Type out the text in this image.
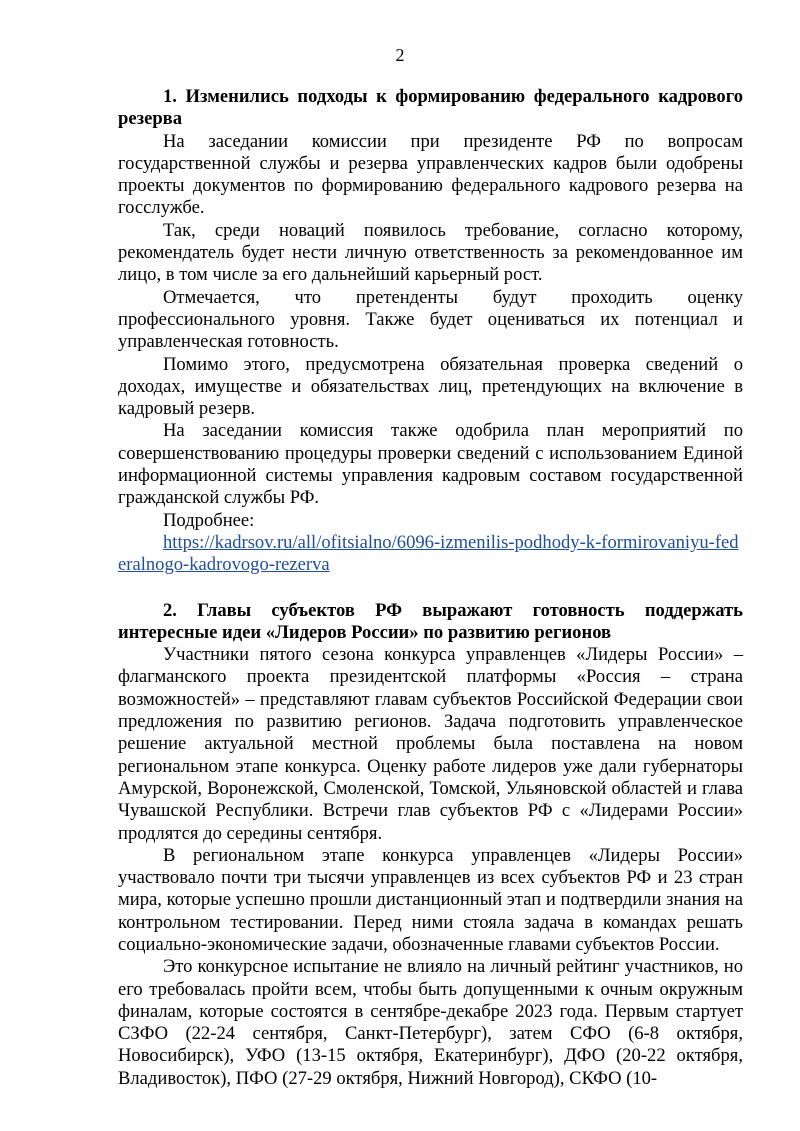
2

1. Изменились подходы к формированию федерального кадрового резерва

На заседании комиссии при президенте РФ по вопросам государственной службы и резерва управленческих кадров были одобрены проекты документов по формированию федерального кадрового резерва на госслужбе.

Так, среди новаций появилось требование, согласно которому, рекомендатель будет нести личную ответственность за рекомендованное им лицо, в том числе за его дальнейший карьерный рост.

Отмечается, что претенденты будут проходить оценку профессионального уровня. Также будет оцениваться их потенциал и управленческая готовность.

Помимо этого, предусмотрена обязательная проверка сведений о доходах, имуществе и обязательствах лиц, претендующих на включение в кадровый резерв.

На заседании комиссия также одобрила план мероприятий по совершенствованию процедуры проверки сведений с использованием Единой информационной системы управления кадровым составом государственной гражданской службы РФ.

Подробнее:

https://kadrsov.ru/all/ofitsialno/6096-izmenilis-podhody-k-formirovaniyu-federalnogo-kadrovogo-rezerva

2. Главы субъектов РФ выражают готовность поддержать интересные идеи «Лидеров России» по развитию регионов

Участники пятого сезона конкурса управленцев «Лидеры России» – флагманского проекта президентской платформы «Россия – страна возможностей» – представляют главам субъектов Российской Федерации свои предложения по развитию регионов. Задача подготовить управленческое решение актуальной местной проблемы была поставлена на новом региональном этапе конкурса. Оценку работе лидеров уже дали губернаторы Амурской, Воронежской, Смоленской, Томской, Ульяновской областей и глава Чувашской Республики. Встречи глав субъектов РФ с «Лидерами России» продлятся до середины сентября.

В региональном этапе конкурса управленцев «Лидеры России» участвовало почти три тысячи управленцев из всех субъектов РФ и 23 стран мира, которые успешно прошли дистанционный этап и подтвердили знания на контрольном тестировании. Перед ними стояла задача в командах решать социально-экономические задачи, обозначенные главами субъектов России.

Это конкурсное испытание не влияло на личный рейтинг участников, но его требовалась пройти всем, чтобы быть допущенными к очным окружным финалам, которые состоятся в сентябре-декабре 2023 года. Первым стартует СЗФО (22-24 сентября, Санкт-Петербург), затем СФО (6-8 октября, Новосибирск), УФО (13-15 октября, Екатеринбург), ДФО (20-22 октября, Владивосток), ПФО (27-29 октября, Нижний Новгород), СКФО (10-
